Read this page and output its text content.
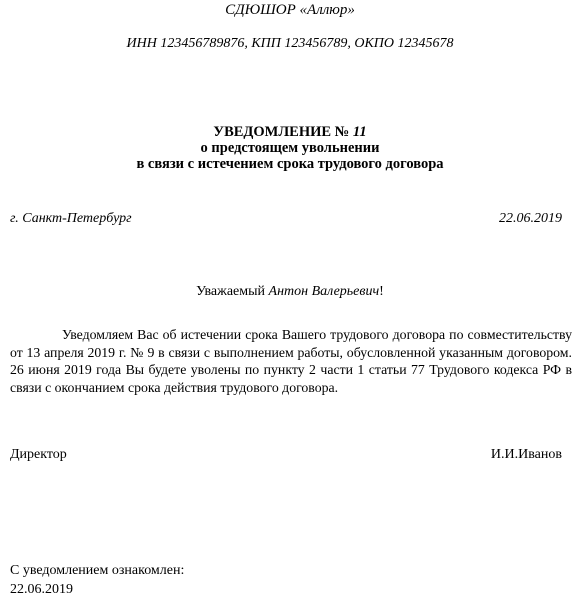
СДЮШОР «Аллюр»
ИНН 123456789876, КПП 123456789, ОКПО 12345678
УВЕДОМЛЕНИЕ № 11
о предстоящем увольнении
в связи с истечением срока трудового договора
г. Санкт-Петербург	22.06.2019
Уважаемый Антон Валерьевич!
Уведомляем Вас об истечении срока Вашего трудового договора по совместительству от 13 апреля 2019 г. № 9 в связи с выполнением работы, обусловленной указанным договором. 26 июня 2019 года Вы будете уволены по пункту 2 части 1 статьи 77 Трудового кодекса РФ в связи с окончанием срока действия трудового договора.
Директор	И.И.Иванов
С уведомлением ознакомлен:
22.06.2019
